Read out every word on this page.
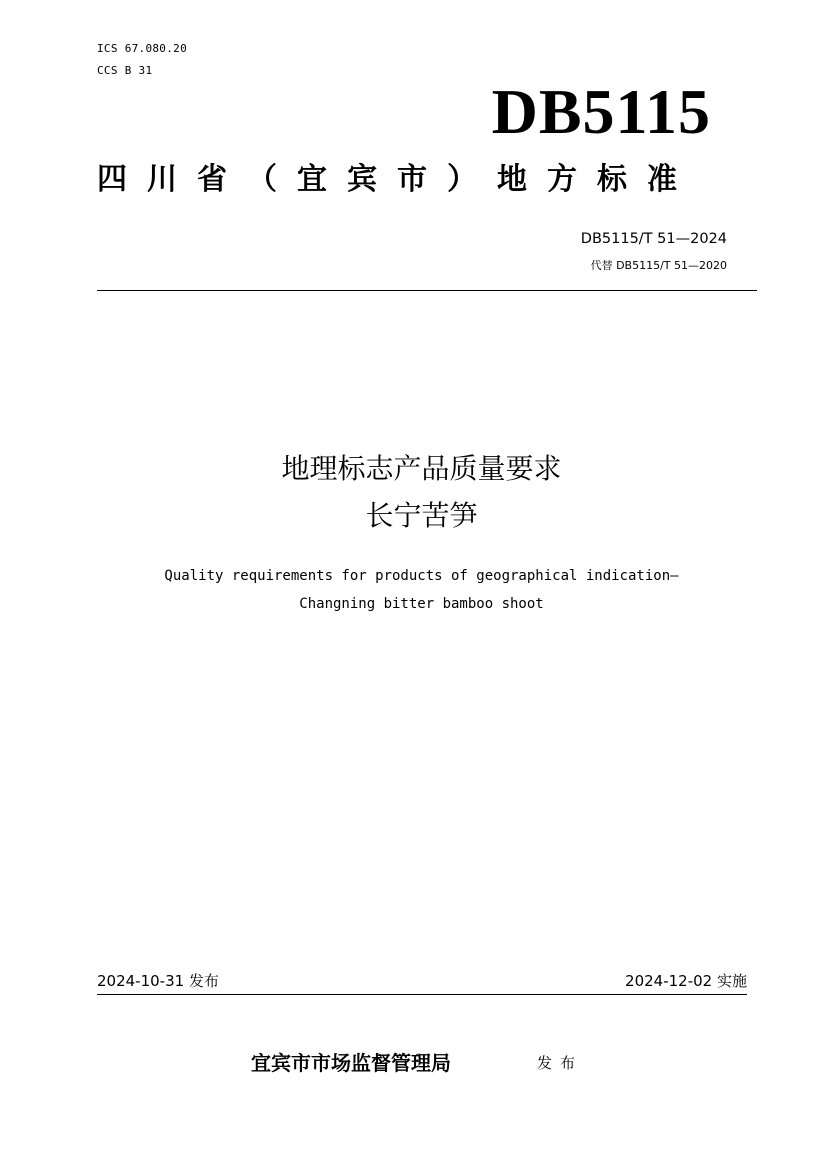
ICS 67.080.20
CCS B 31
DB5115
四川省（宜宾市）地方标准
DB5115/T 51—2024
代替 DB5115/T 51—2020
地理标志产品质量要求
长宁苦笋
Quality requirements for products of geographical indication—
Changning bitter bamboo shoot
2024-10-31 发布	2024-12-02 实施
宜宾市市场监督管理局	发布
